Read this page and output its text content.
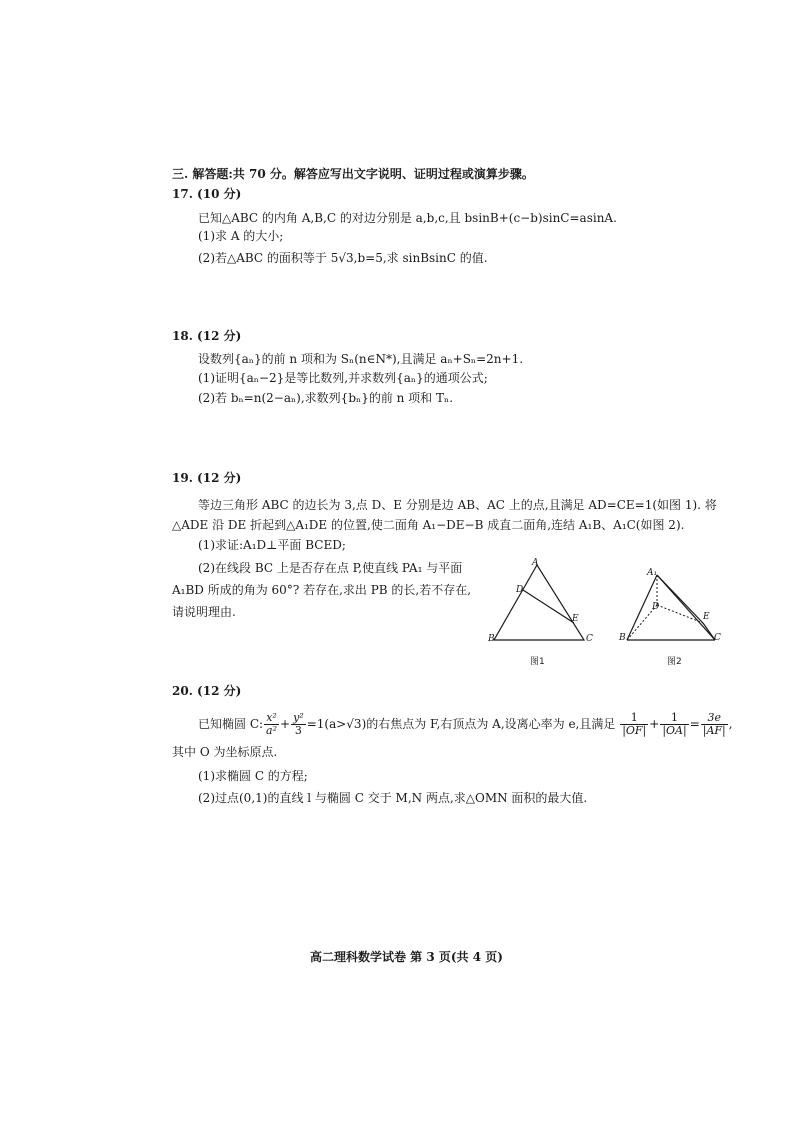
三. 解答题:共 70 分。解答应写出文字说明、证明过程或演算步骤。
17. (10 分)
已知△ABC 的内角 A,B,C 的对边分别是 a,b,c,且 bsinB+(c−b)sinC=asinA.
(1)求 A 的大小;
(2)若△ABC 的面积等于 5√3,b=5,求 sinBsinC 的值.
18. (12 分)
设数列{aₙ}的前 n 项和为 Sₙ(n∈N*),且满足 aₙ+Sₙ=2n+1.
(1)证明{aₙ−2}是等比数列,并求数列{aₙ}的通项公式;
(2)若 bₙ=n(2−aₙ),求数列{bₙ}的前 n 项和 Tₙ.
19. (12 分)
等边三角形 ABC 的边长为 3,点 D、E 分别是边 AB、AC 上的点,且满足 AD=CE=1(如图 1). 将
△ADE 沿 DE 折起到△A₁DE 的位置,使二面角 A₁−DE−B 成直二面角,连结 A₁B、A₁C(如图 2).
(1)求证:A₁D⊥平面 BCED;
(2)在线段 BC 上是否存在点 P,使直线 PA₁ 与平面
A₁BD 所成的角为 60°? 若存在,求出 PB 的长,若不存在,
请说明理由.
A
D
E
B	C
图1
A₁
D
E
B	C
图2
20. (12 分)
已知椭圆 C: $\frac{\text{x²}}{\text{a²}} + \frac{\text{y²}}{3} =1(a>√3)$的右焦点为 F,右顶点为 A,设离心率为 e,且满足 $\frac{1}{|OF|} + \frac{1}{|OA|} = \frac{3e}{|AF|}$ ,
其中 O 为坐标原点.
(1)求椭圆 C 的方程;
(2)过点(0,1)的直线 l 与椭圆 C 交于 M,N 两点,求△OMN 面积的最大值.
高二理科数学试卷 第 3 页(共 4 页)
